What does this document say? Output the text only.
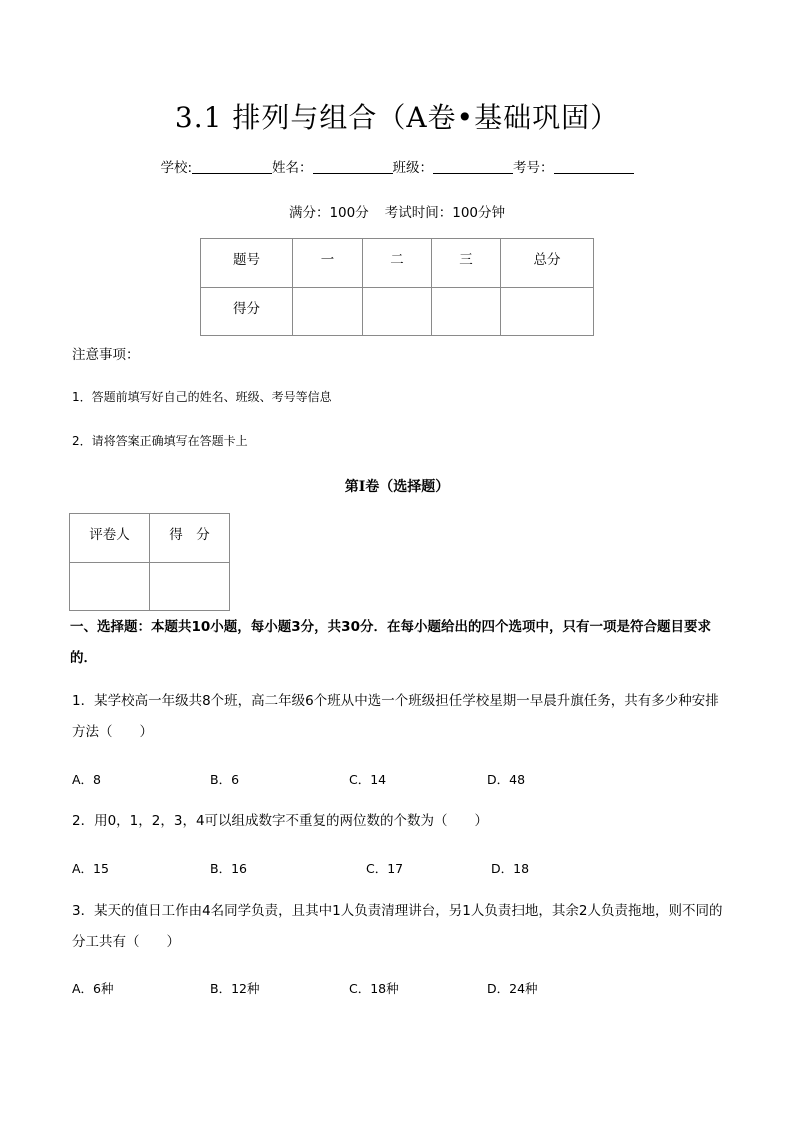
3.1 排列与组合（A卷•基础巩固）
学校:	姓名：	班级：	考号：
满分：100分 考试时间：100分钟
题号	一	二	三	总分
得分				
注意事项：
1．答题前填写好自己的姓名、班级、考号等信息
2．请将答案正确填写在答题卡上
第I卷（选择题）
评卷人	得　分

一、选择题：本题共10小题，每小题3分，共30分．在每小题给出的四个选项中，只有一项是符合题目要求的．
1．某学校高一年级共8个班，高二年级6个班从中选一个班级担任学校星期一早晨升旗任务，共有多少种安排方法（　　）
A．8	B．6	C．14	D．48
2．用0，1，2，3，4可以组成数字不重复的两位数的个数为（　　）
A．15	B．16	C．17	D．18
3．某天的值日工作由4名同学负责，且其中1人负责清理讲台，另1人负责扫地，其余2人负责拖地，则不同的分工共有（　　）
A．6种	B．12种	C．18种	D．24种
